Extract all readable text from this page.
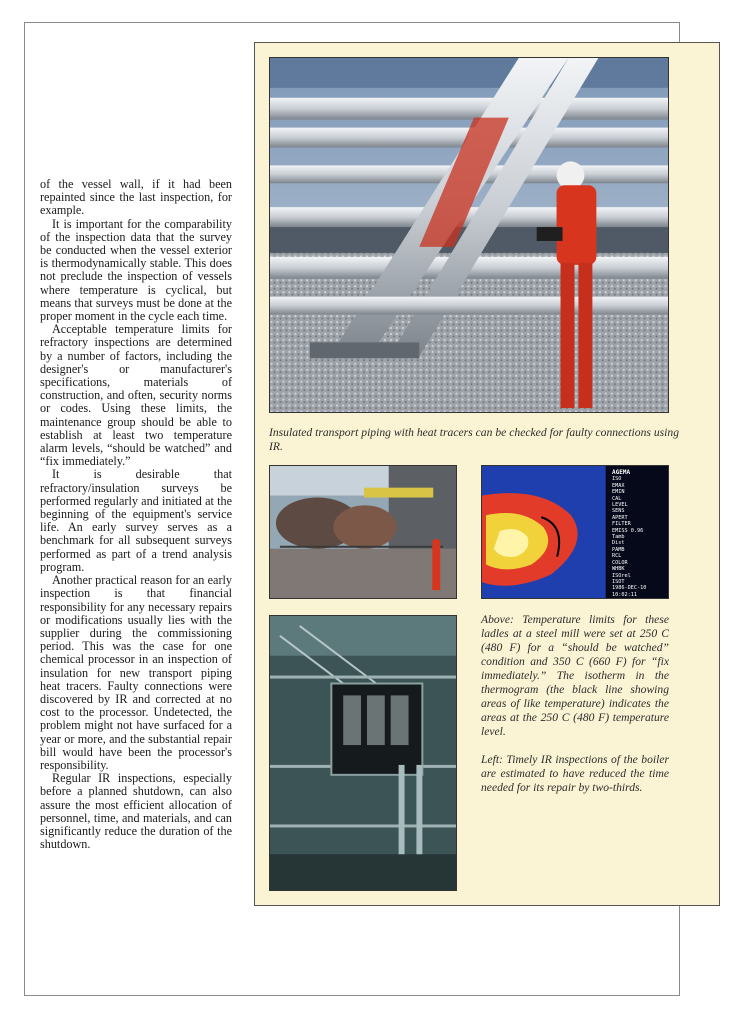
of the vessel wall, if it had been repainted since the last inspection, for example.

It is important for the comparability of the inspection data that the survey be conducted when the vessel exterior is thermodynamically stable. This does not preclude the inspection of vessels where temperature is cyclical, but means that surveys must be done at the proper moment in the cycle each time.

Acceptable temperature limits for refractory inspections are determined by a number of factors, including the designer's or manufacturer's specifications, materials of construction, and often, security norms or codes. Using these limits, the maintenance group should be able to establish at least two temperature alarm levels, “should be watched” and “fix immediately.”

It is desirable that refractory/insulation surveys be performed regularly and initiated at the beginning of the equipment's service life. An early survey serves as a benchmark for all subsequent surveys performed as part of a trend analysis program.

Another practical reason for an early inspection is that financial responsibility for any necessary repairs or modifications usually lies with the supplier during the commissioning period. This was the case for one chemical processor in an inspection of insulation for new transport piping heat tracers. Faulty connections were discovered by IR and corrected at no cost to the processor. Undetected, the problem might not have surfaced for a year or more, and the substantial repair bill would have been the processor's responsibility.

Regular IR inspections, especially before a planned shutdown, can also assure the most efficient allocation of personnel, time, and materials, and can significantly reduce the duration of the shutdown.

Insulated transport piping with heat tracers can be checked for faulty connections using IR.
AGEMA
ISO
EMAX
EMIN
CAL
LEVEL
SENS
APERT
FILTER
EMISS 0.96
Tamb
Dist
PAMB
RCL
COLOR
WHBK
ISOrel
ISOT
1986-DEC-10
10:02:11

Above: Temperature limits for these ladles at a steel mill were set at 250 C (480 F) for a “should be watched” condition and 350 C (660 F) for “fix immediately.” The isotherm in the thermogram (the black line showing areas of like temperature) indicates the areas at the 250 C (480 F) temperature level.

Left: Timely IR inspections of the boiler are estimated to have reduced the time needed for its repair by two-thirds.
